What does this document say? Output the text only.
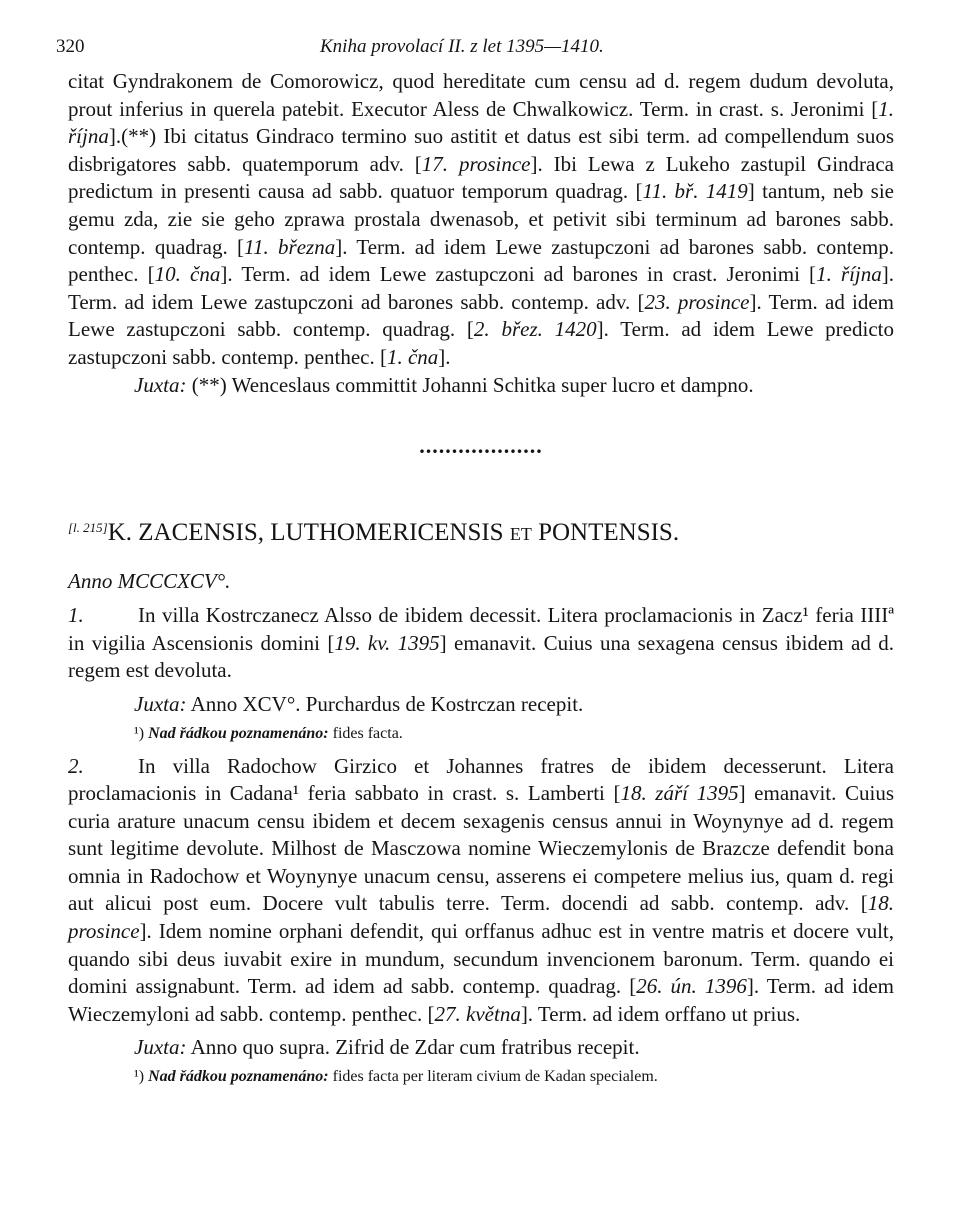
320	Kniha provolací II. z let 1395—1410.

citat Gyndrakonem de Comorowicz, quod hereditate cum censu ad d. regem dudum devoluta, prout inferius in querela patebit. Executor Aless de Chwalkowicz. Term. in crast. s. Jeronimi [1. října].(**) Ibi citatus Gindraco termino suo astitit et datus est sibi term. ad compellendum suos disbrigatores sabb. quatemporum adv. [17. prosince]. Ibi Lewa z Lukeho zastupil Gindraca predictum in presenti causa ad sabb. quatuor temporum quadrag. [11. bř. 1419] tantum, neb sie gemu zda, zie sie geho zprawa prostala dwenasob, et petivit sibi terminum ad barones sabb. contemp. quadrag. [11. března]. Term. ad idem Lewe zastupczoni ad barones sabb. contemp. penthec. [10. čna]. Term. ad idem Lewe zastupczoni ad barones in crast. Jeronimi [1. října]. Term. ad idem Lewe zastupczoni ad barones sabb. contemp. adv. [23. prosince]. Term. ad idem Lewe zastupczoni sabb. contemp. quadrag. [2. břez. 1420]. Term. ad idem Lewe predicto zastupczoni sabb. contemp. penthec. [1. čna].

Juxta: (**) Wenceslaus committit Johanni Schitka super lucro et dampno.

...................
[l. 215]K. ZACENSIS, LUTHOMERICENSIS ET PONTENSIS.
Anno MCCCXCV°.

1.	In villa Kostrczanecz Alsso de ibidem decessit. Litera proclamacionis in Zacz¹ feria IIIIª in vigilia Ascensionis domini [19. kv. 1395] emanavit. Cuius una sexagena census ibidem ad d. regem est devoluta.

Juxta: Anno XCV°. Purchardus de Kostrczan recepit.

¹) Nad řádkou poznamenáno: fides facta.

2.	In villa Radochow Girzico et Johannes fratres de ibidem decesserunt. Litera proclamacionis in Cadana¹ feria sabbato in crast. s. Lamberti [18. září 1395] emanavit. Cuius curia arature unacum censu ibidem et decem sexagenis census annui in Woynynye ad d. regem sunt legitime devolute. Milhost de Masczowa nomine Wieczemylonis de Brazcze defendit bona omnia in Radochow et Woynynye unacum censu, asserens ei competere melius ius, quam d. regi aut alicui post eum. Docere vult tabulis terre. Term. docendi ad sabb. contemp. adv. [18. prosince]. Idem nomine orphani defendit, qui orffanus adhuc est in ventre matris et docere vult, quando sibi deus iuvabit exire in mundum, secundum invencionem baronum. Term. quando ei domini assignabunt. Term. ad idem ad sabb. contemp. quadrag. [26. ún. 1396]. Term. ad idem Wieczemyloni ad sabb. contemp. penthec. [27. května]. Term. ad idem orffano ut prius.

Juxta: Anno quo supra. Zifrid de Zdar cum fratribus recepit.

¹) Nad řádkou poznamenáno: fides facta per literam civium de Kadan specialem.
